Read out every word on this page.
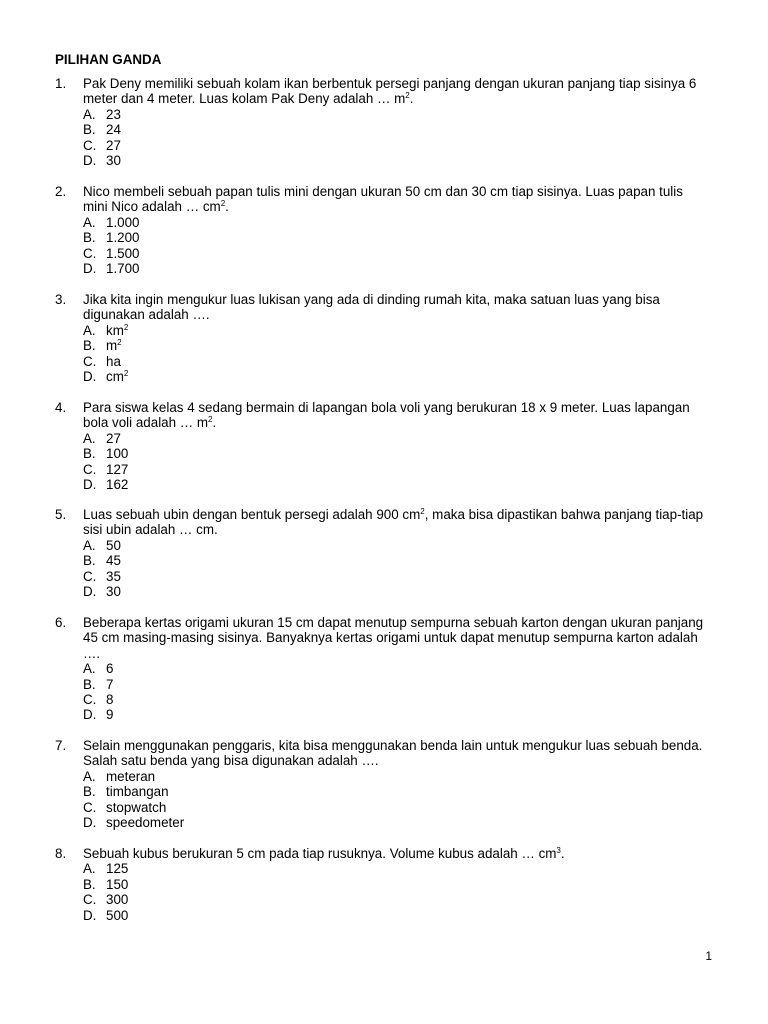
PILIHAN GANDA
1. Pak Deny memiliki sebuah kolam ikan berbentuk persegi panjang dengan ukuran panjang tiap sisinya 6 meter dan 4 meter. Luas kolam Pak Deny adalah … $m^2$.
A. 23
B. 24
C. 27
D. 30
2. Nico membeli sebuah papan tulis mini dengan ukuran 50 cm dan 30 cm tiap sisinya. Luas papan tulis mini Nico adalah … $cm^2$.
A. 1.000
B. 1.200
C. 1.500
D. 1.700
3. Jika kita ingin mengukur luas lukisan yang ada di dinding rumah kita, maka satuan luas yang bisa digunakan adalah ….
A. $km^2$
B. $m^2$
C. ha
D. $cm^2$
4. Para siswa kelas 4 sedang bermain di lapangan bola voli yang berukuran 18 x 9 meter. Luas lapangan bola voli adalah … $m^2$.
A. 27
B. 100
C. 127
D. 162
5. Luas sebuah ubin dengan bentuk persegi adalah 900 $cm^2$, maka bisa dipastikan bahwa panjang tiap-tiap sisi ubin adalah … cm.
A. 50
B. 45
C. 35
D. 30
6. Beberapa kertas origami ukuran 15 cm dapat menutup sempurna sebuah karton dengan ukuran panjang 45 cm masing-masing sisinya. Banyaknya kertas origami untuk dapat menutup sempurna karton adalah ….
A. 6
B. 7
C. 8
D. 9
7. Selain menggunakan penggaris, kita bisa menggunakan benda lain untuk mengukur luas sebuah benda. Salah satu benda yang bisa digunakan adalah ….
A. meteran
B. timbangan
C. stopwatch
D. speedometer
8. Sebuah kubus berukuran 5 cm pada tiap rusuknya. Volume kubus adalah … $cm^3$.
A. 125
B. 150
C. 300
D. 500
1
